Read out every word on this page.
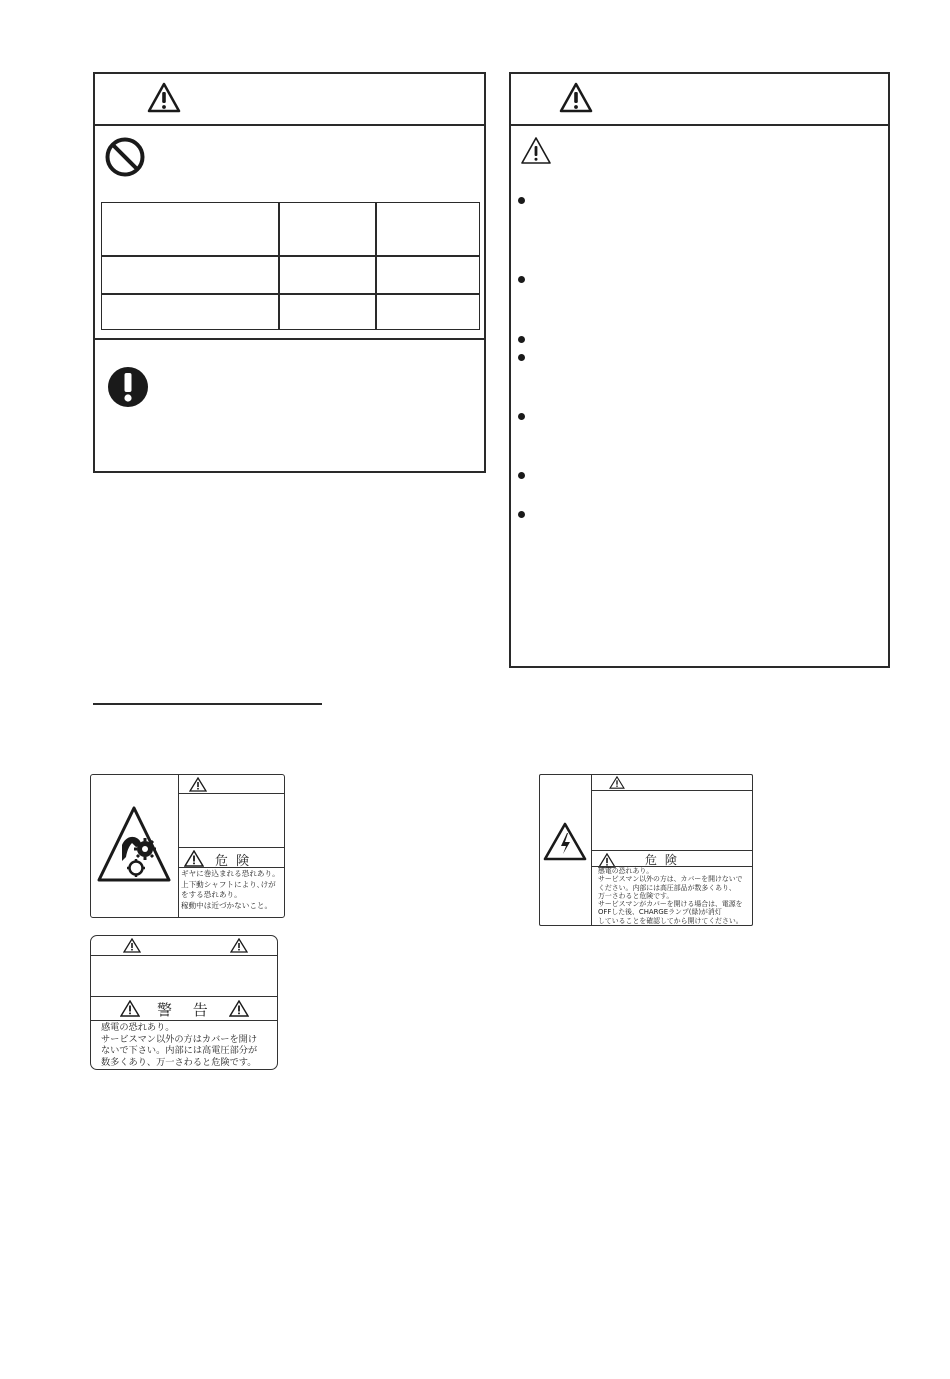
危 険
ギヤに巻込まれる恐れあり。
上下動シャフトにより､けが
をする恐れあり。
稼動中は近づかないこと。
警 告
感電の恐れあり。
サービスマン以外の方はカバーを開け
ないで下さい。内部には高電圧部分が
数多くあり、万一さわると危険です。
危 険
感電の恐れあり。
サービスマン以外の方は、カバーを開けないで
ください。内部には高圧部品が数多くあり、
万一さわると危険です。
サービスマンがカバーを開ける場合は、電源を
OFFした後、CHARGEランプ(緑)が消灯
していることを確認してから開けてください。
